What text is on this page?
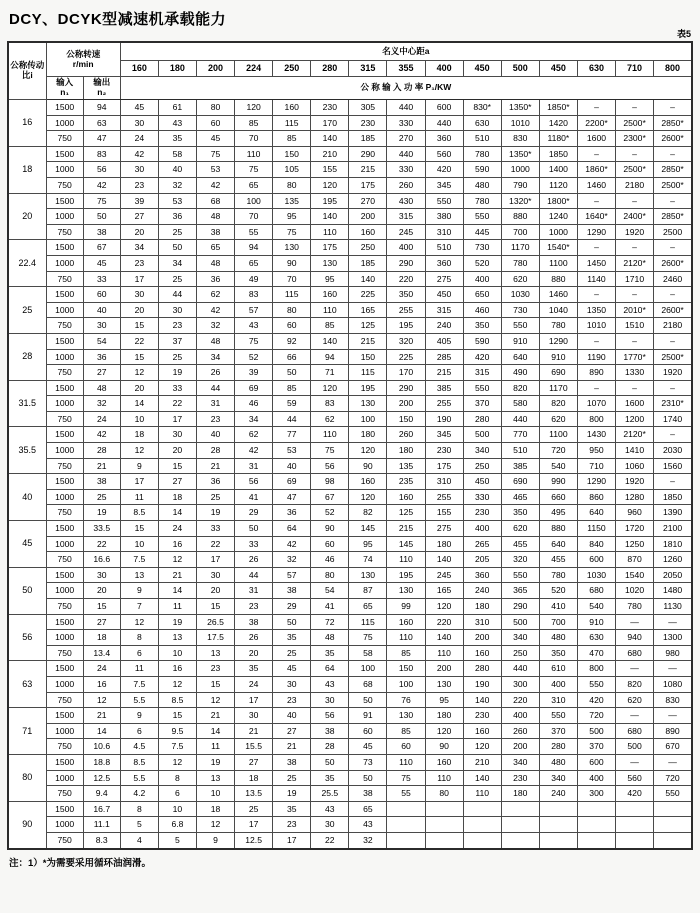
DCY、DCYK型减速机承载能力
表5
公称传动比i	公称转速
r/min		名义中心距a														
			160	180	200	224	250	280	315	355	400	450	500	450	630	710	800

	输入
n₁	输出
n₂	公 称 输 入 功 率 P₁/KW														
16	1500	94	45	61	80	120	160	230	305	440	600	830*	1350*	1850*	–	–	–
	1000	63	30	43	60	85	115	170	230	330	440	630	1010	1420	2200*	2500*	2850*
	750	47	24	35	45	70	85	140	185	270	360	510	830	1180*	1600	2300*	2600*
18	1500	83	42	58	75	110	150	210	290	440	560	780	1350*	1850	–	–	–
	1000	56	30	40	53	75	105	155	215	330	420	590	1000	1400	1860*	2500*	2850*
	750	42	23	32	42	65	80	120	175	260	345	480	790	1120	1460	2180	2500*
20	1500	75	39	53	68	100	135	195	270	430	550	780	1320*	1800*	–	–	–
	1000	50	27	36	48	70	95	140	200	315	380	550	880	1240	1640*	2400*	2850*
	750	38	20	25	38	55	75	110	160	245	310	445	700	1000	1290	1920	2500
22.4	1500	67	34	50	65	94	130	175	250	400	510	730	1170	1540*	–	–	–
	1000	45	23	34	48	65	90	130	185	290	360	520	780	1100	1450	2120*	2600*
	750	33	17	25	36	49	70	95	140	220	275	400	620	880	1140	1710	2460
25	1500	60	30	44	62	83	115	160	225	350	450	650	1030	1460	–	–	–
	1000	40	20	30	42	57	80	110	165	255	315	460	730	1040	1350	2010*	2600*
	750	30	15	23	32	43	60	85	125	195	240	350	550	780	1010	1510	2180
28	1500	54	22	37	48	75	92	140	215	320	405	590	910	1290	–	–	–
	1000	36	15	25	34	52	66	94	150	225	285	420	640	910	1190	1770*	2500*
	750	27	12	19	26	39	50	71	115	170	215	315	490	690	890	1330	1920
31.5	1500	48	20	33	44	69	85	120	195	290	385	550	820	1170	–	–	–
	1000	32	14	22	31	46	59	83	130	200	255	370	580	820	1070	1600	2310*
	750	24	10	17	23	34	44	62	100	150	190	280	440	620	800	1200	1740
35.5	1500	42	18	30	40	62	77	110	180	260	345	500	770	1100	1430	2120*	–
	1000	28	12	20	28	42	53	75	120	180	230	340	510	720	950	1410	2030
	750	21	9	15	21	31	40	56	90	135	175	250	385	540	710	1060	1560
40	1500	38	17	27	36	56	69	98	160	235	310	450	690	990	1290	1920	–
	1000	25	11	18	25	41	47	67	120	160	255	330	465	660	860	1280	1850
	750	19	8.5	14	19	29	36	52	82	125	155	230	350	495	640	960	1390
45	1500	33.5	15	24	33	50	64	90	145	215	275	400	620	880	1150	1720	2100
	1000	22	10	16	22	33	42	60	95	145	180	265	455	640	840	1250	1810
	750	16.6	7.5	12	17	26	32	46	74	110	140	205	320	455	600	870	1260
50	1500	30	13	21	30	44	57	80	130	195	245	360	550	780	1030	1540	2050
	1000	20	9	14	20	31	38	54	87	130	165	240	365	520	680	1020	1480
	750	15	7	11	15	23	29	41	65	99	120	180	290	410	540	780	1130
56	1500	27	12	19	26.5	38	50	72	115	160	220	310	500	700	910	—	—
	1000	18	8	13	17.5	26	35	48	75	110	140	200	340	480	630	940	1300
	750	13.4	6	10	13	20	25	35	58	85	110	160	250	350	470	680	980
63	1500	24	11	16	23	35	45	64	100	150	200	280	440	610	800	—	—
	1000	16	7.5	12	15	24	30	43	68	100	130	190	300	400	550	820	1080
	750	12	5.5	8.5	12	17	23	30	50	76	95	140	220	310	420	620	830
71	1500	21	9	15	21	30	40	56	91	130	180	230	400	550	720	—	—
	1000	14	6	9.5	14	21	27	38	60	85	120	160	260	370	500	680	890
	750	10.6	4.5	7.5	11	15.5	21	28	45	60	90	120	200	280	370	500	670
80	1500	18.8	8.5	12	19	27	38	50	73	110	160	210	340	480	600	—	—
	1000	12.5	5.5	8	13	18	25	35	50	75	110	140	230	340	400	560	720
	750	9.4	4.2	6	10	13.5	19	25.5	38	55	80	110	180	240	300	420	550
90	1500	16.7	8	10	18	25	35	43	65								
	1000	11.1	5	6.8	12	17	23	30	43								
	750	8.3	4	5	9	12.5	17	22	32								
注：1）*为需要采用循环油润滑。
